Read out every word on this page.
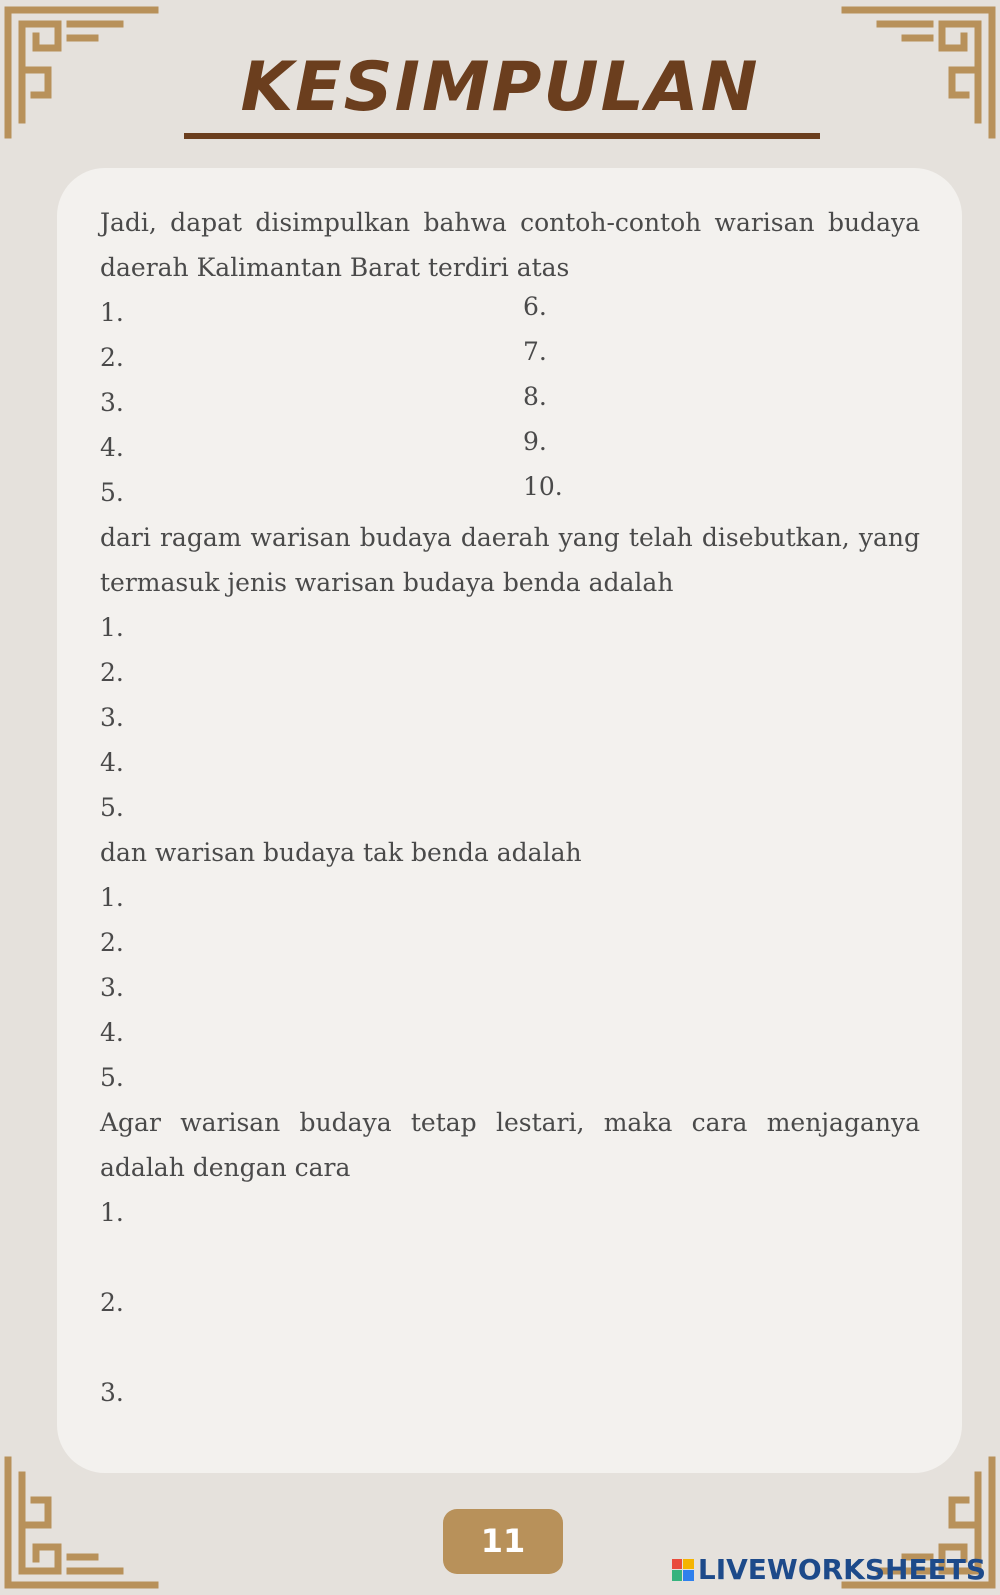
KESIMPULAN

Jadi, dapat disimpulkan bahwa contoh-contoh warisan budaya daerah Kalimantan Barat terdiri atas

1.
2.
3.
4.
5.
6.
7.
8.
9.
10.

dari ragam warisan budaya daerah yang telah disebutkan, yang termasuk jenis warisan budaya benda adalah

1.
2.
3.
4.
5.

dan warisan budaya tak benda adalah

1.
2.
3.
4.
5.

Agar warisan budaya tetap lestari, maka cara menjaganya adalah dengan cara

1.
2.
3.
11
LIVEWORKSHEETS
